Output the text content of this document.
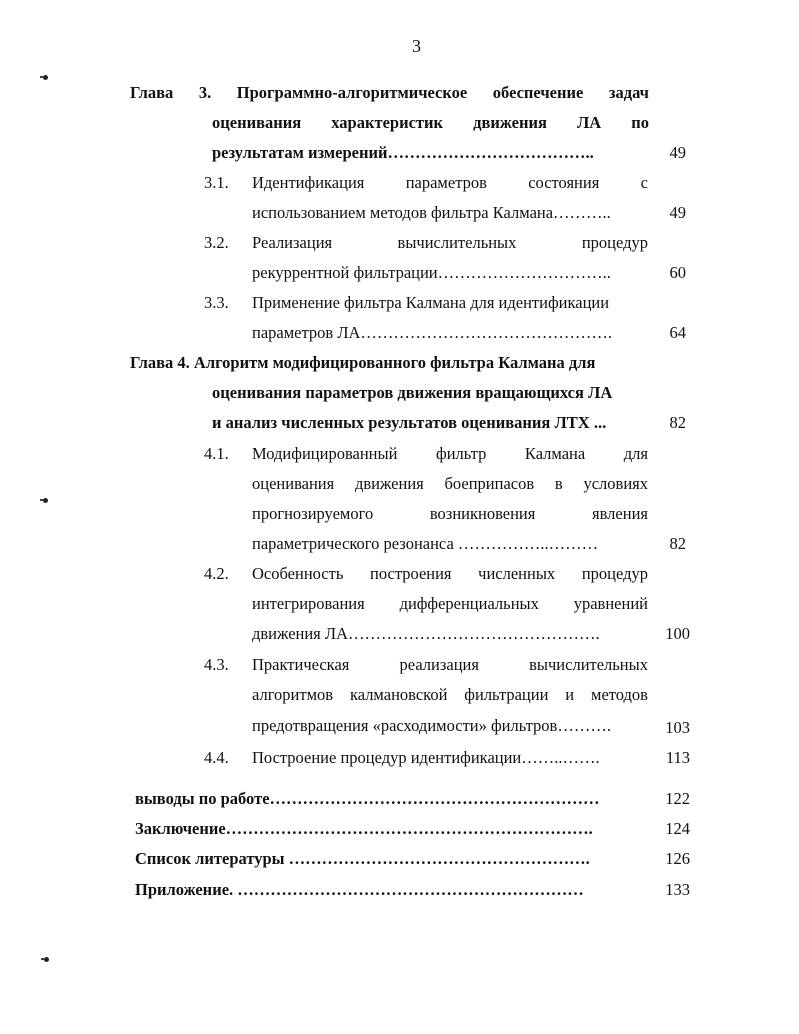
3
Глава 3. Программно-алгоритмическое обеспечение задач
оценивания характеристик движения ЛА по
результатам измерений………………………………..	49
3.1. Идентификация	параметров	состояния	с
использованием методов фильтра Калмана………..	49
3.2. Реализация	вычислительных	процедур
рекуррентной фильтрации…………………………..	60
3.3. Применение фильтра Калмана для идентификации
параметров ЛА……………………………………….	64
Глава 4. Алгоритм модифицированного фильтра Калмана для
оценивания параметров движения вращающихся ЛА
и анализ численных результатов оценивания ЛТХ ...	82
4.1. Модифицированный фильтр Калмана для
оценивания движения боеприпасов в условиях
прогнозируемого	возникновения	явления
параметрического резонанса ……………..………	82
4.2. Особенность построения численных процедур
интегрирования дифференциальных уравнений
движения ЛА……………………………………….	100
4.3. Практическая	реализация	вычислительных
алгоритмов калмановской фильтрации и методов
предотвращения «расходимости» фильтров……….	103
4.4. Построение процедур идентификации……..…….	113
выводы по работе……………………………………………………	122
Заключение………………………………………………………….	124
Список литературы ……………………………………………….	126
Приложение. ………………………………………………………	133
